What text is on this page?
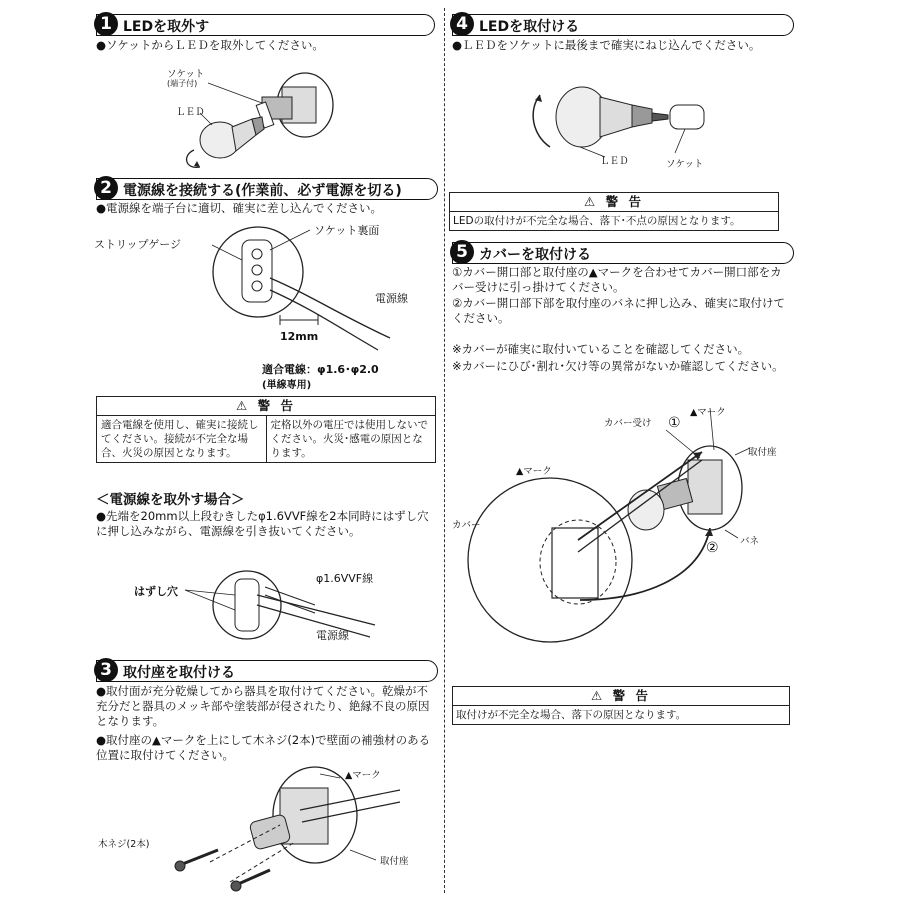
1 LEDを取外す
●ソケットからＬＥＤを取外してください。
ソケット
(端子付)
ＬＥＤ
2 電源線を接続する(作業前、必ず電源を切る)
●電源線を端子台に適切、確実に差し込んでください。
ストリップゲージ
ソケット裏面
電源線
12mm
適合電線：φ1.6･φ2.0
(単線専用)
⚠ 警 告
適合電線を使用し、確実に接続してください。接続が不完全な場合、火災の原因となります。
定格以外の電圧では使用しないでください。火災･感電の原因となります。
＜電源線を取外す場合＞
●先端を20mm以上段むきしたφ1.6VVF線を2本同時にはずし穴に押し込みながら、電源線を引き抜いてください。
はずし穴
φ1.6VVF線
電源線
3 取付座を取付ける
●取付面が充分乾燥してから器具を取付けてください。乾燥が不充分だと器具のメッキ部や塗装部が侵されたり、絶縁不良の原因となります。
●取付座の▲マークを上にして木ネジ(2本)で壁面の補強材のある位置に取付けてください。
▲マーク
木ネジ(2本)
取付座
4 LEDを取付ける
●ＬＥＤをソケットに最後まで確実にねじ込んでください。
ＬＥＤ	ソケット
⚠ 警 告
LEDの取付けが不完全な場合、落下･不点の原因となります。
5 カバーを取付ける
①カバー開口部と取付座の▲マークを合わせてカバー開口部をカバー受けに引っ掛けてください。
②カバー開口部下部を取付座のバネに押し込み、確実に取付けてください。
※カバーが確実に取付いていることを確認してください。
※カバーにひび･割れ･欠け等の異常がないか確認してください。
カバー受け ①
▲マーク
取付座
▲マーク
カバー
② バネ
⚠ 警 告
取付けが不完全な場合、落下の原因となります。
